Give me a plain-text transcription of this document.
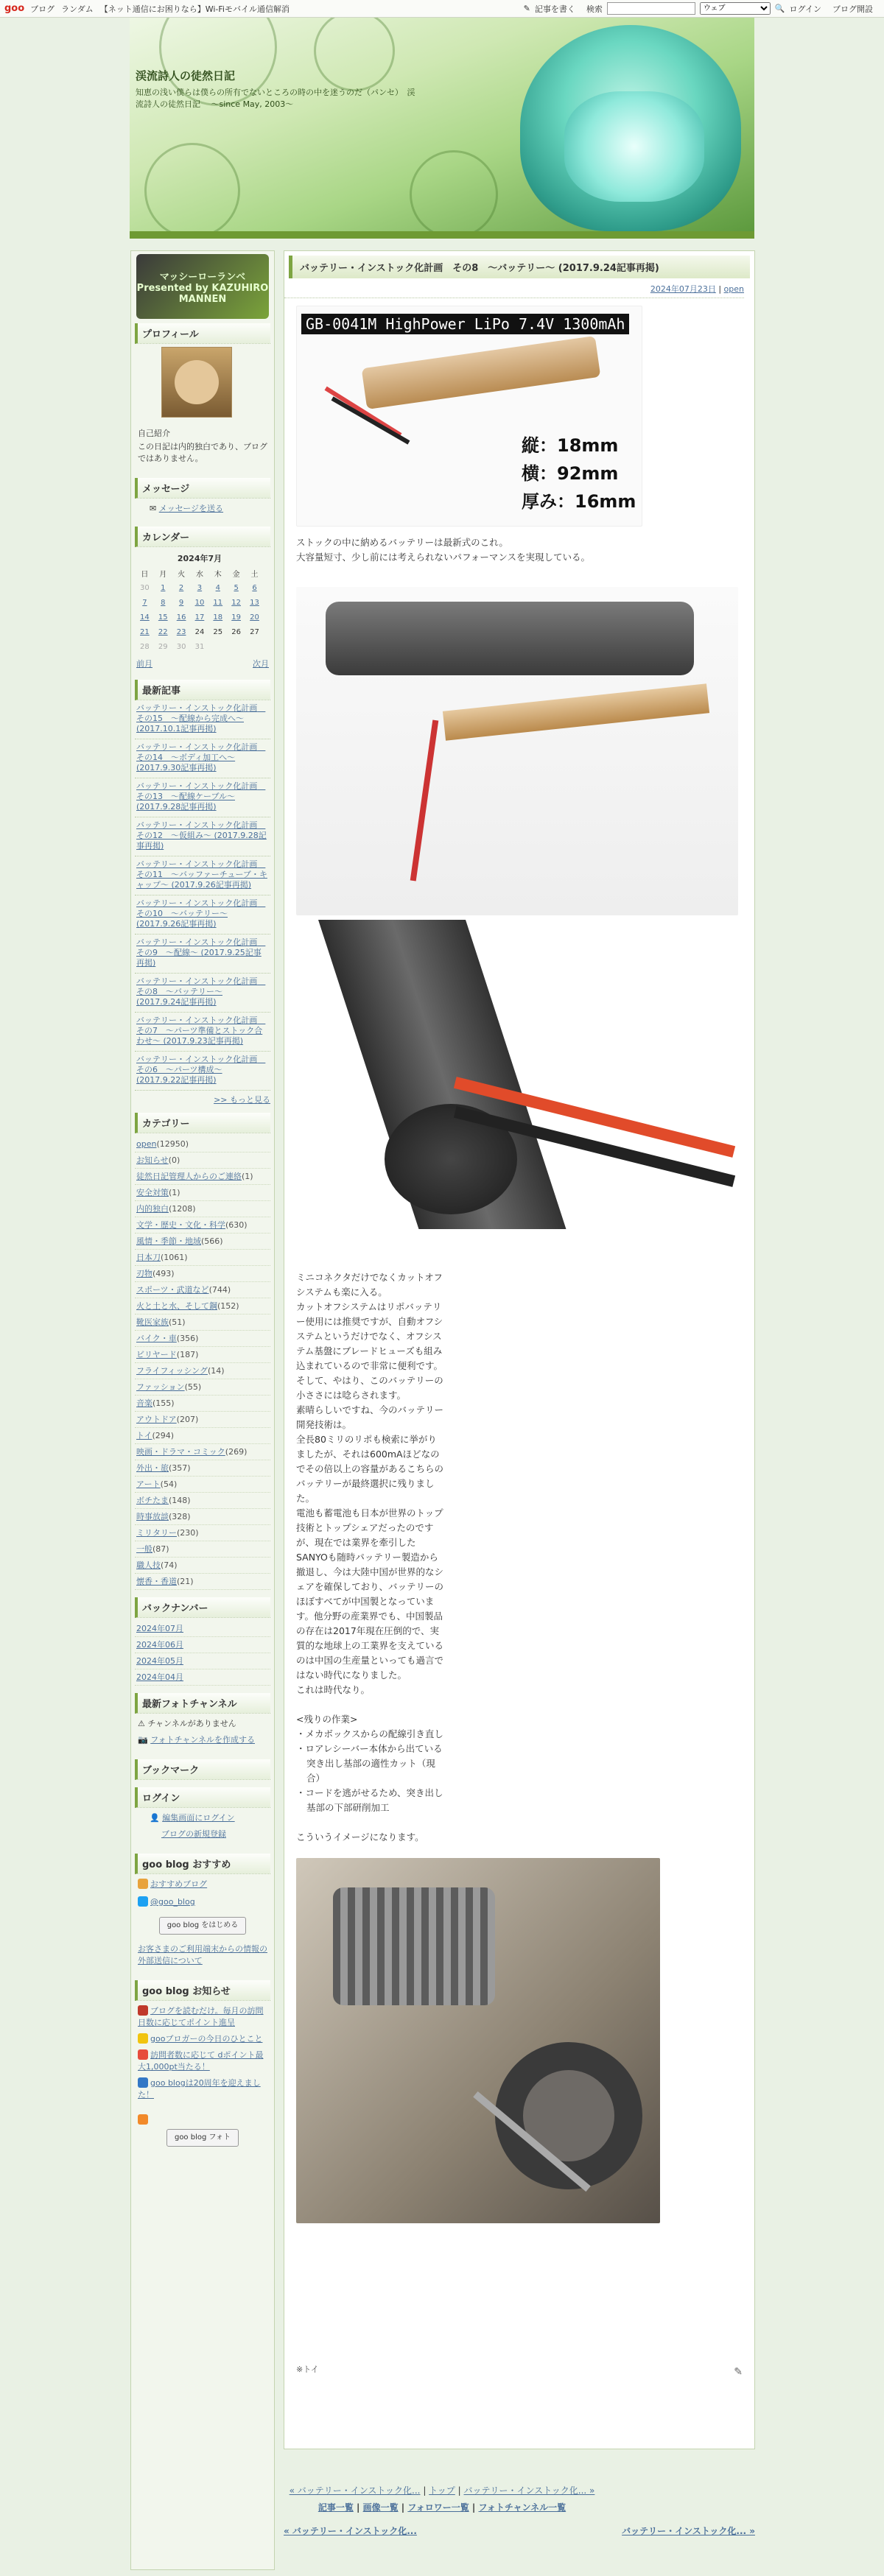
goo ブログ ランダム 【ネット通信にお困りなら】Wi-Fiモバイル通信解消	✎ 記事を書く 検索
ウェブ	🔍 ログイン ブログ開設
渓流詩人の徒然日記
知恵の浅い僕らは僕らの所有でないところの時の中を迷うのだ（パンセ）　渓流詩人の徒然日記　 ～since May, 2003～
マッシーローランベ Presented by KAZUHIRO MANNEN
プロフィール

自己紹介

この日記は内的独白であり、ブログではありません。

メッセージ
✉ メッセージを送る
カレンダー
2024年7月						
日	月	火	水	木	金	土
30	1	2	3	4	5	6
7	8	9	10	11	12	13
14	15	16	17	18	19	20
21	22	23	24	25	26	27
28	29	30	31			
前月	次月
最新記事
バッテリー・インストック化計画　その15　～配線から完成へ～ (2017.10.1記事再掲)
バッテリー・インストック化計画　その14　～ボディ加工へ～ (2017.9.30記事再掲)
バッテリー・インストック化計画　その13　～配線ケーブル～ (2017.9.28記事再掲)
バッテリー・インストック化計画　その12　～仮組み～ (2017.9.28記事再掲)
バッテリー・インストック化計画　その11　～バッファーチューブ・キャップ～ (2017.9.26記事再掲)
バッテリー・インストック化計画　その10　～バッテリー～ (2017.9.26記事再掲)
バッテリー・インストック化計画　その9　～配線～ (2017.9.25記事再掲)
バッテリー・インストック化計画　その8　～バッテリー～ (2017.9.24記事再掲)
バッテリー・インストック化計画　その7　～パーツ準備とストック合わせ～ (2017.9.23記事再掲)
バッテリー・インストック化計画　その6　～パーツ構成～ (2017.9.22記事再掲)
>> もっと見る
カテゴリー
open(12950)
お知らせ(0)
徒然日記管理人からのご連絡(1)
安全対策(1)
内的独白(1208)
文学・歴史・文化・科学(630)
風情・季節・地域(566)
日本刀(1061)
刃物(493)
スポーツ・武道など(744)
火と土と水、そして鋼(152)
靴医家族(51)
バイク・車(356)
ビリヤード(187)
フライフィッシング(14)
ファッション(55)
音楽(155)
アウトドア(207)
トイ(294)
映画・ドラマ・コミック(269)
外出・旅(357)
アート(54)
ボチたま(148)
時事放談(328)
ミリタリー(230)
一般(87)
職人技(74)
懐香・香道(21)
バックナンバー
2024年07月
2024年06月
2024年05月
2024年04月
最新フォトチャンネル

⚠ チャンネルがありません

📷 フォトチャンネルを作成する

ブックマーク
ログイン

👤 編集画面にログイン

ブログの新規登録

goo blog おすすめ

おすすめブログ

@goo_blog

goo blog をはじめる

お客さまのご利用端末からの情報の外部送信について

goo blog お知らせ

ブログを読むだけ。毎月の訪問日数に応じてポイント進呈

gooブロガーの今日のひとこと

訪問者数に応じて dポイント最大1,000pt当たる！

goo blogは20周年を迎えました！

goo blog フォト

バッテリー・インストック化計画　その8　～バッテリー～ (2017.9.24記事再掲)
2024年07月23日 | open
GB-0041M HighPower LiPo 7.4V 1300mAh
縦：18mm
横：92mm
厚み：16mm

ストックの中に納めるバッテリーは最新式のこれ。

大容量短寸、少し前には考えられないパフォーマンスを実現している。

ミニコネクタだけでなくカットオフシステムも楽に入る。

カットオフシステムはリポバッテリー使用には推奨ですが、自動オフシステムというだけでなく、オフシステム基盤にブレードヒューズも組み込まれているので非常に便利です。

そして、やはり、このバッテリーの小ささには唸らされます。

素晴らしいですね、今のバッテリー開発技術は。

全長80ミリのリポも検索に挙がりましたが、それは600mAほどなのでその倍以上の容量があるこちらのバッテリーが最終選択に残りました。

電池も蓄電池も日本が世界のトップ技術とトップシェアだったのですが、現在では業界を牽引したSANYOも随時パッテリー製造から撤退し、今は大陸中国が世界的なシェアを確保しており、バッテリーのほぼすべてが中国製となっています。他分野の産業界でも、中国製品の存在は2017年現在圧倒的で、実質的な地球上の工業界を支えているのは中国の生産量といっても過言ではない時代になりました。

これは時代なり。

<残りの作業>

・メカボックスからの配線引き直し
・ロアレシーバー本体から出ている突き出し基部の適性カット（現合）
・コードを逃がせるため、突き出し基部の下部研削加工

こういうイメージになります。

※トイ	✎
« バッテリー・インストック化... | トップ | バッテリー・インストック化... »
記事一覧 | 画像一覧 | フォロワー一覧 | フォトチャンネル一覧
« バッテリー・インストック化...	バッテリー・インストック化... »
